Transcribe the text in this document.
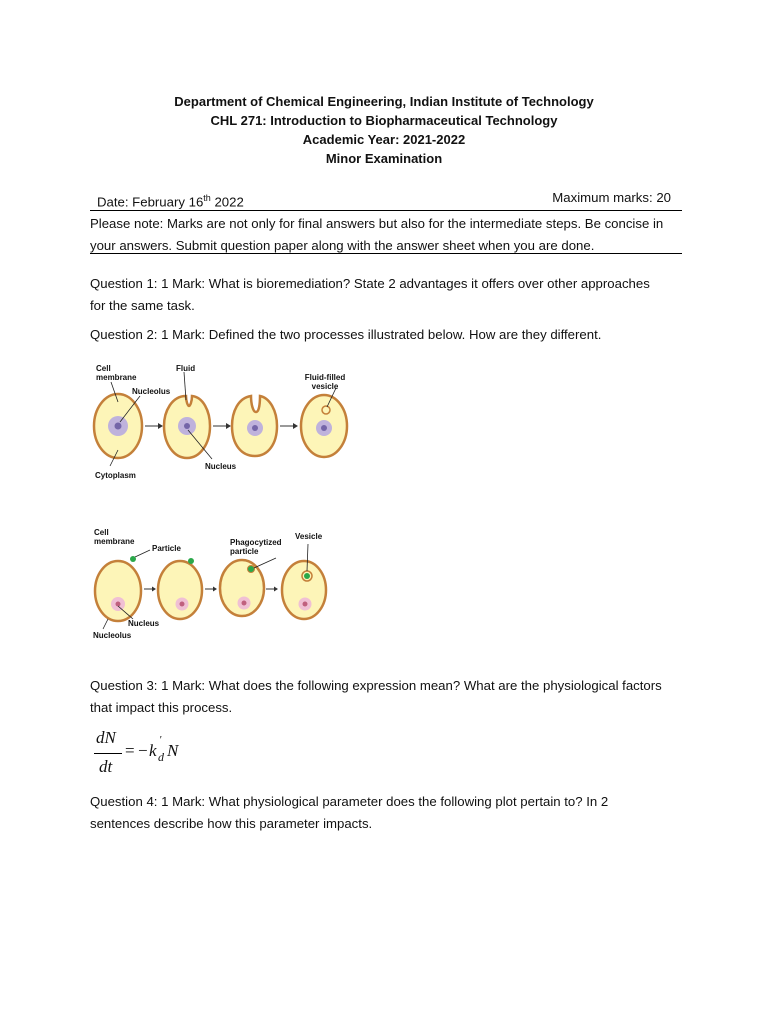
Department of Chemical Engineering, Indian Institute of Technology
CHL 271: Introduction to Biopharmaceutical Technology
Academic Year: 2021-2022
Minor Examination
Date: February 16th 2022	Maximum marks: 20
Please note: Marks are not only for final answers but also for the intermediate steps. Be concise in your answers. Submit question paper along with the answer sheet when you are done.
Question 1: 1 Mark: What is bioremediation? State 2 advantages it offers over other approaches for the same task.
Question 2: 1 Mark: Defined the two processes illustrated below. How are they different.
Cell
membrane
Fluid
Nucleolus
Fluid-filled
vesicle
Nucleus
Cytoplasm
Cell
membrane
Particle
Phagocytized
particle
Vesicle
Nucleus
Nucleolus
Question 3: 1 Mark: What does the following expression mean? What are the physiological factors that impact this process.
dN
dt
= − k
'
d N
Question 4: 1 Mark: What physiological parameter does the following plot pertain to? In 2 sentences describe how this parameter impacts.
